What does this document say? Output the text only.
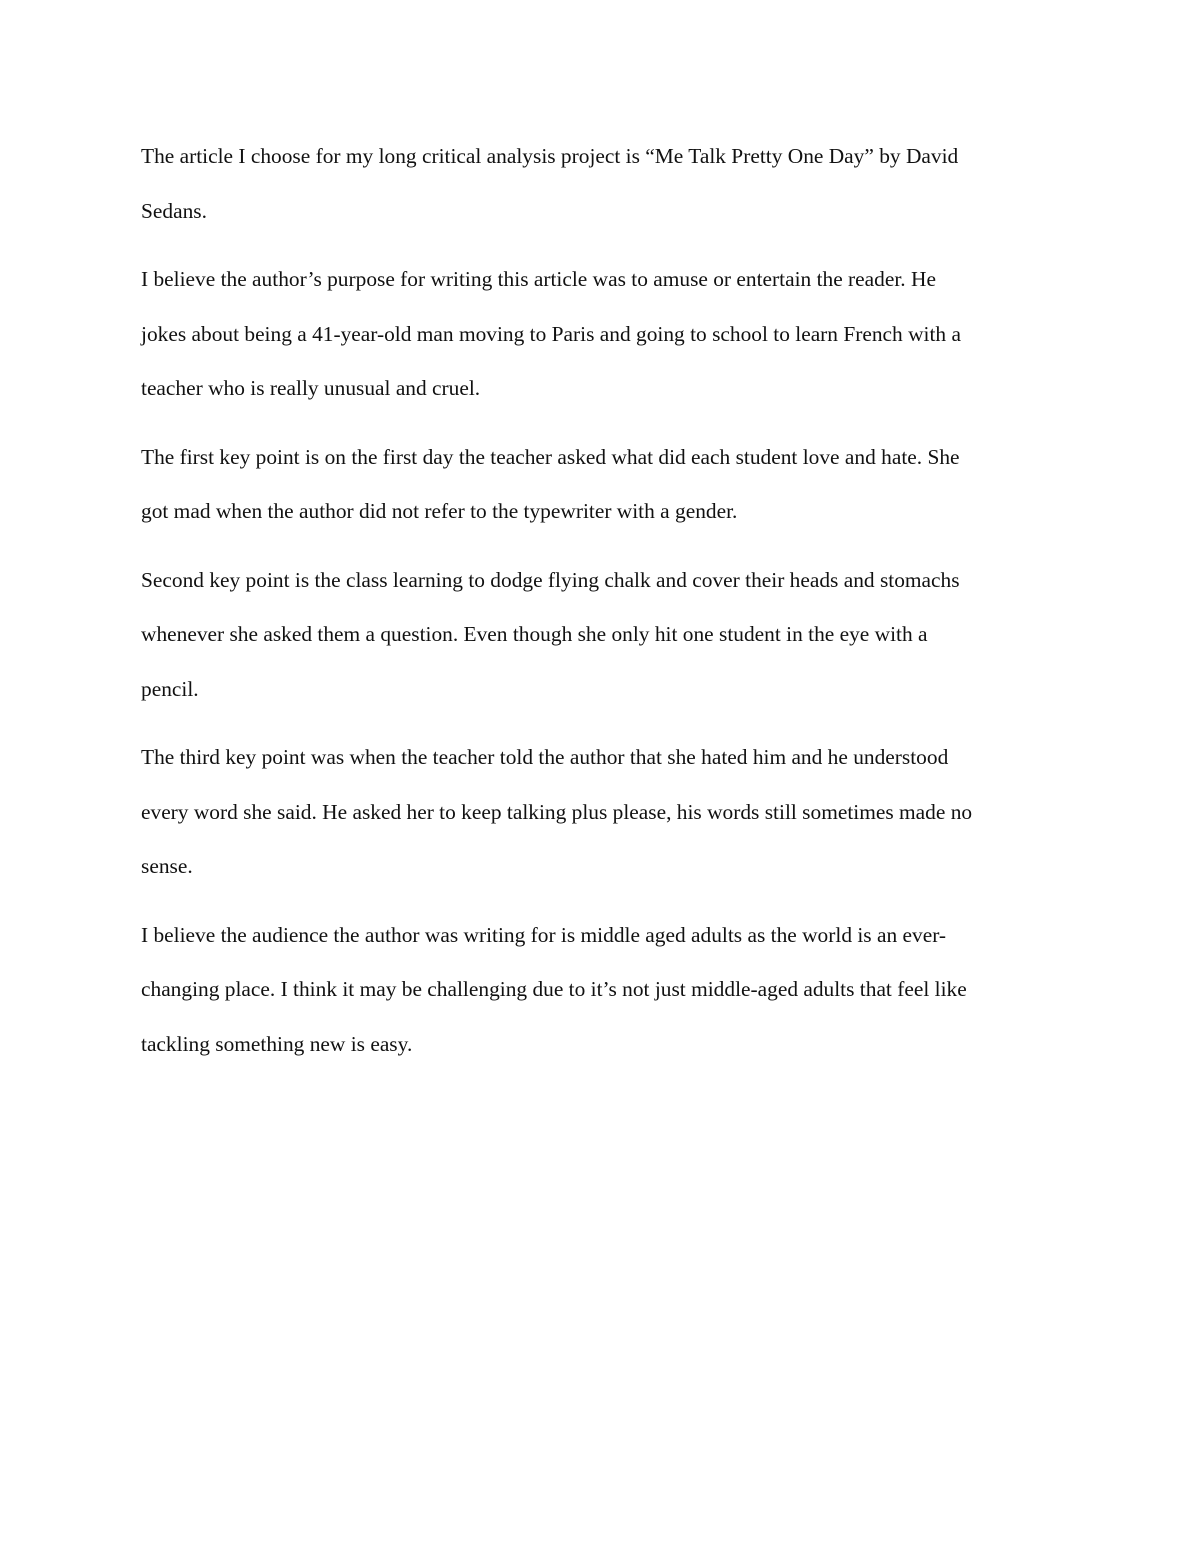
The article I choose for my long critical analysis project is “Me Talk Pretty One Day” by David
Sedans.

I believe the author’s purpose for writing this article was to amuse or entertain the reader. He
jokes about being a 41-year-old man moving to Paris and going to school to learn French with a
teacher who is really unusual and cruel.

The first key point is on the first day the teacher asked what did each student love and hate. She
got mad when the author did not refer to the typewriter with a gender.

Second key point is the class learning to dodge flying chalk and cover their heads and stomachs
whenever she asked them a question. Even though she only hit one student in the eye with a
pencil.

The third key point was when the teacher told the author that she hated him and he understood
every word she said. He asked her to keep talking plus please, his words still sometimes made no
sense.

I believe the audience the author was writing for is middle aged adults as the world is an ever-
changing place. I think it may be challenging due to it’s not just middle-aged adults that feel like
tackling something new is easy.
